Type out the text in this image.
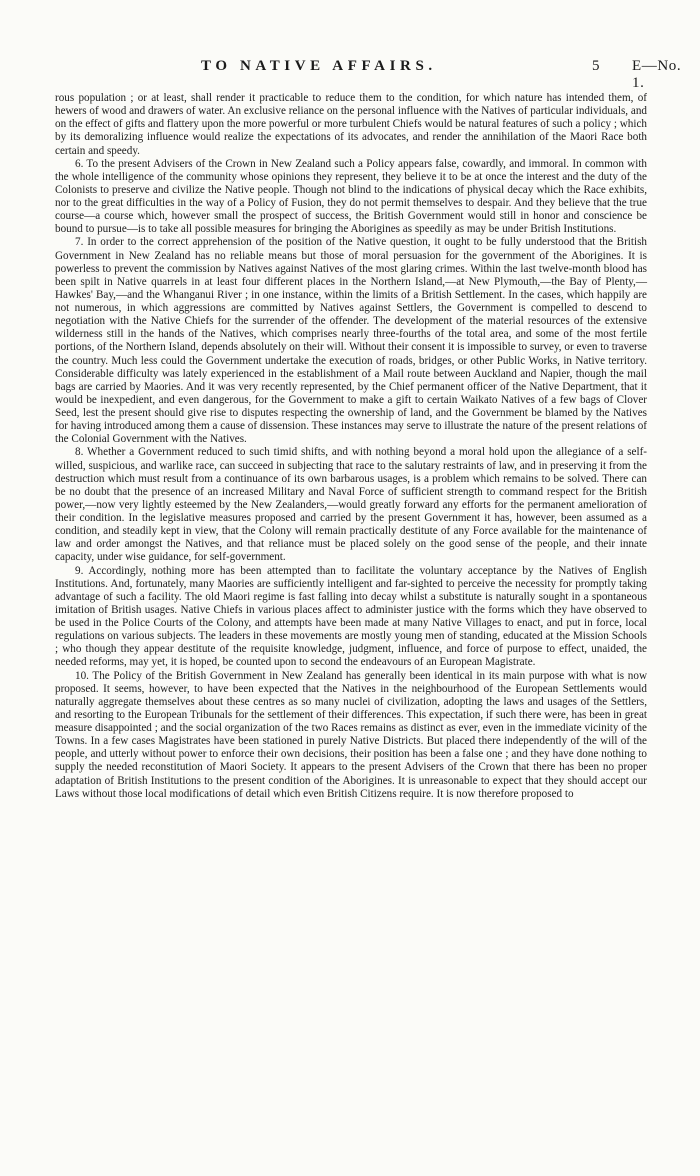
TO NATIVE AFFAIRS.	5 E—No. 1.

rous population ; or at least, shall render it practicable to reduce them to the condition, for which nature has intended them, of hewers of wood and drawers of water. An exclusive reliance on the personal influence with the Natives of particular individuals, and on the effect of gifts and flattery upon the more powerful or more turbulent Chiefs would be natural features of such a policy ; which by its demoralizing influence would realize the expectations of its advocates, and render the annihilation of the Maori Race both certain and speedy.

6. To the present Advisers of the Crown in New Zealand such a Policy appears false, cowardly, and immoral. In common with the whole intelligence of the community whose opinions they represent, they believe it to be at once the interest and the duty of the Colonists to preserve and civilize the Native people. Though not blind to the indications of physical decay which the Race exhibits, nor to the great difficulties in the way of a Policy of Fusion, they do not permit themselves to despair. And they believe that the true course—a course which, however small the prospect of success, the British Government would still in honor and conscience be bound to pursue—is to take all possible measures for bringing the Aborigines as speedily as may be under British Institutions.

7. In order to the correct apprehension of the position of the Native question, it ought to be fully understood that the British Government in New Zealand has no reliable means but those of moral persuasion for the government of the Aborigines. It is powerless to prevent the commission by Natives against Natives of the most glaring crimes. Within the last twelve-month blood has been spilt in Native quarrels in at least four different places in the Northern Island,—at New Plymouth,—the Bay of Plenty,—Hawkes' Bay,—and the Whanganui River ; in one instance, within the limits of a British Settlement. In the cases, which happily are not numerous, in which aggressions are committed by Natives against Settlers, the Government is compelled to descend to negotiation with the Native Chiefs for the surrender of the offender. The development of the material resources of the extensive wilderness still in the hands of the Natives, which comprises nearly three-fourths of the total area, and some of the most fertile portions, of the Northern Island, depends absolutely on their will. Without their consent it is impossible to survey, or even to traverse the country. Much less could the Government undertake the execution of roads, bridges, or other Public Works, in Native territory. Considerable difficulty was lately experienced in the establishment of a Mail route between Auckland and Napier, though the mail bags are carried by Maories. And it was very recently represented, by the Chief permanent officer of the Native Department, that it would be inexpedient, and even dangerous, for the Government to make a gift to certain Waikato Natives of a few bags of Clover Seed, lest the present should give rise to disputes respecting the ownership of land, and the Government be blamed by the Natives for having introduced among them a cause of dissension. These instances may serve to illustrate the nature of the present relations of the Colonial Government with the Natives.

8. Whether a Government reduced to such timid shifts, and with nothing beyond a moral hold upon the allegiance of a self-willed, suspicious, and warlike race, can succeed in subjecting that race to the salutary restraints of law, and in preserving it from the destruction which must result from a continuance of its own barbarous usages, is a problem which remains to be solved. There can be no doubt that the presence of an increased Military and Naval Force of sufficient strength to command respect for the British power,—now very lightly esteemed by the New Zealanders,—would greatly forward any efforts for the permanent amelioration of their condition. In the legislative measures proposed and carried by the present Government it has, however, been assumed as a condition, and steadily kept in view, that the Colony will remain practically destitute of any Force available for the maintenance of law and order amongst the Natives, and that reliance must be placed solely on the good sense of the people, and their innate capacity, under wise guidance, for self-government.

9. Accordingly, nothing more has been attempted than to facilitate the voluntary acceptance by the Natives of English Institutions. And, fortunately, many Maories are sufficiently intelligent and far-sighted to perceive the necessity for promptly taking advantage of such a facility. The old Maori regime is fast falling into decay whilst a substitute is naturally sought in a spontaneous imitation of British usages. Native Chiefs in various places affect to administer justice with the forms which they have observed to be used in the Police Courts of the Colony, and attempts have been made at many Native Villages to enact, and put in force, local regulations on various subjects. The leaders in these movements are mostly young men of standing, educated at the Mission Schools ; who though they appear destitute of the requisite knowledge, judgment, influence, and force of purpose to effect, unaided, the needed reforms, may yet, it is hoped, be counted upon to second the endeavours of an European Magistrate.

10. The Policy of the British Government in New Zealand has generally been identical in its main purpose with what is now proposed. It seems, however, to have been expected that the Natives in the neighbourhood of the European Settlements would naturally aggregate themselves about these centres as so many nuclei of civilization, adopting the laws and usages of the Settlers, and resorting to the European Tribunals for the settlement of their differences. This expectation, if such there were, has been in great measure disappointed ; and the social organization of the two Races remains as distinct as ever, even in the immediate vicinity of the Towns. In a few cases Magistrates have been stationed in purely Native Districts. But placed there independently of the will of the people, and utterly without power to enforce their own decisions, their position has been a false one ; and they have done nothing to supply the needed reconstitution of Maori Society. It appears to the present Advisers of the Crown that there has been no proper adaptation of British Institutions to the present condition of the Aborigines. It is unreasonable to expect that they should accept our Laws without those local modifications of detail which even British Citizens require. It is now therefore proposed to
